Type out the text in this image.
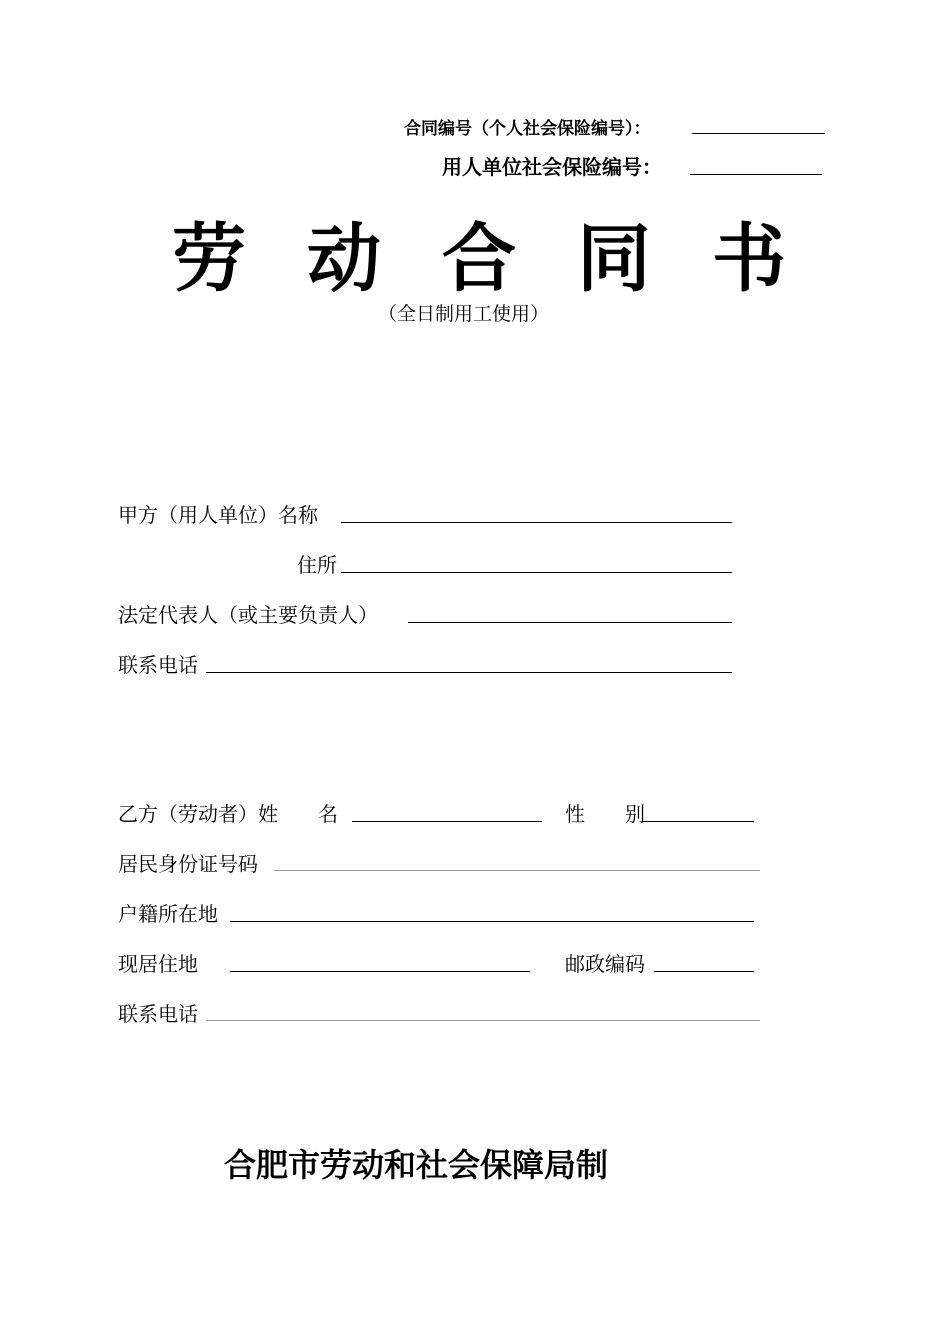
合同编号（个人社会保险编号）：
用人单位社会保险编号：
劳 动 合 同 书
（全日制用工使用）
甲方（用人单位）名称
住所
法定代表人（或主要负责人）
联系电话
乙方（劳动者）姓　　名	性　　别
居民身份证号码
户籍所在地
现居住地	邮政编码
联系电话
合肥市劳动和社会保障局制
